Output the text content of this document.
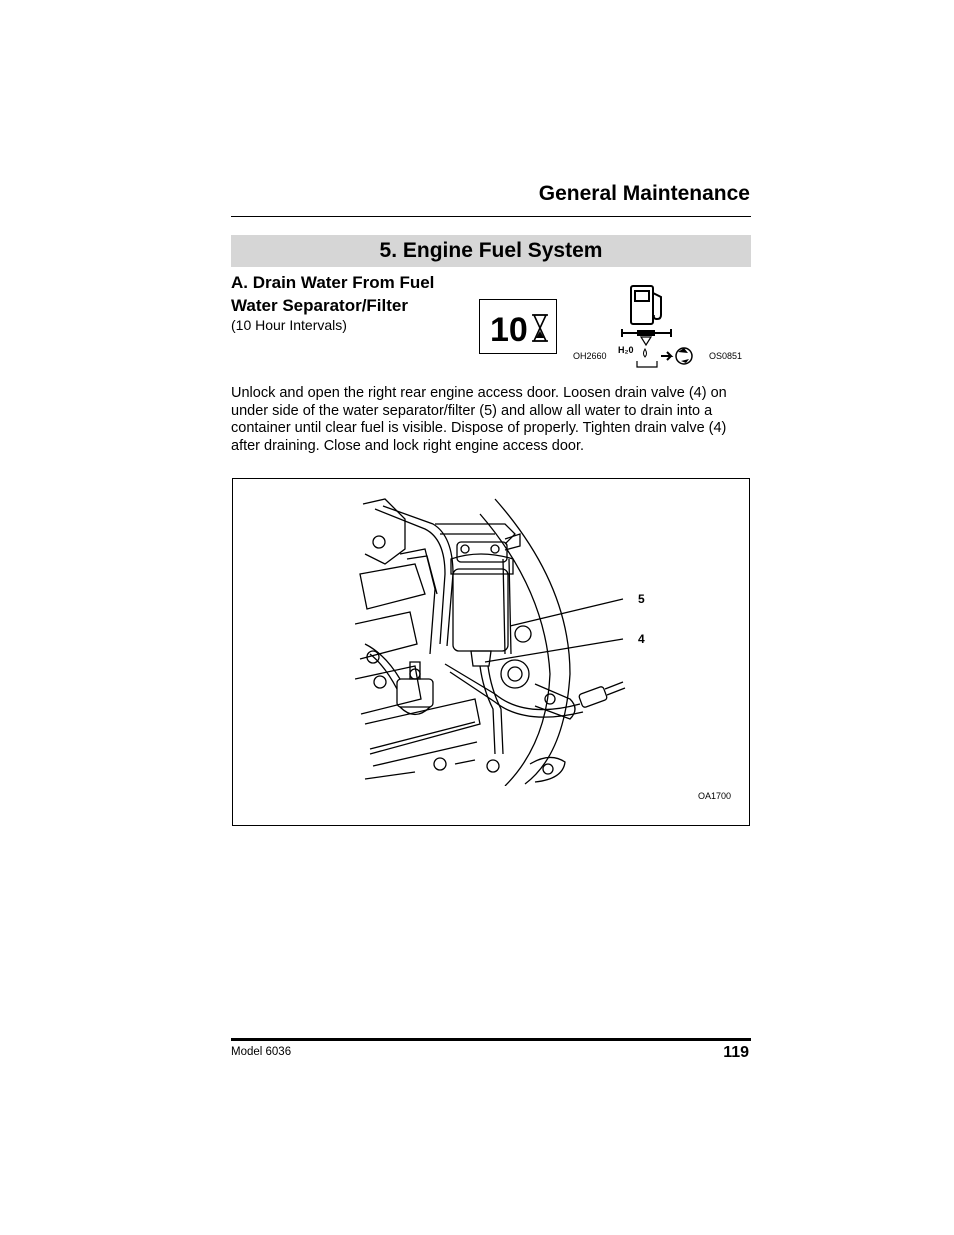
General Maintenance
5. Engine Fuel System
A. Drain Water From Fuel Water Separator/Filter
(10 Hour Intervals)	10
OH2660
H₂0
OS0851
Unlock and open the right rear engine access door. Loosen drain valve (4) on under side of the water separator/filter (5) and allow all water to drain into a container until clear fuel is visible. Dispose of properly. Tighten drain valve (4) after draining. Close and lock right engine access door.
5
4
OA1700
Model 6036	119
